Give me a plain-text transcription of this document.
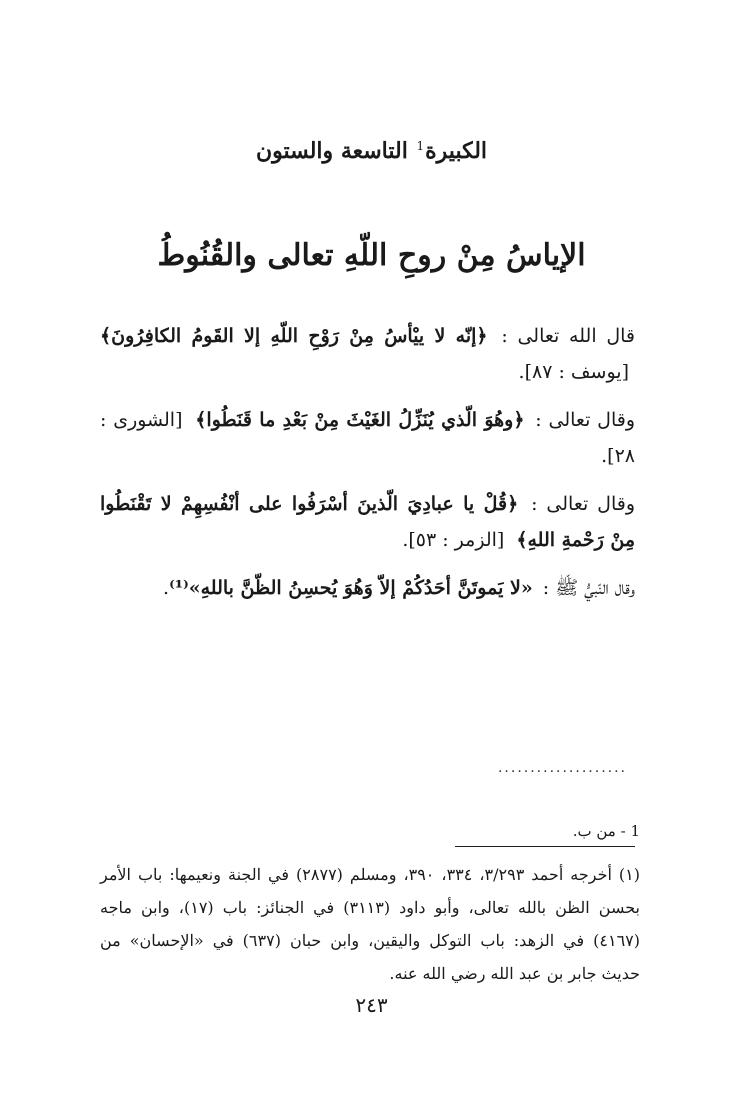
الكبيرة$^1$ التاسعة والستون
الإياسُ مِنْ روحِ اللّهِ تعالى والقُنُوطُ

قال الله تعالى : ﴿إنّه لا ييْأسُ مِنْ رَوْحِ اللّهِ إلا القَومُ الكافِرُونَ﴾ [يوسف : ٨٧].

وقال تعالى : ﴿وهُوَ الّذي يُنَزِّلُ الغَيْثَ مِنْ بَعْدِ ما قَنَطُوا﴾ [الشورى : ٢٨].

وقال تعالى : ﴿قُلْ يا عبادِيَ الّذينَ أسْرَفُوا على أنْفُسِهِمْ لا تَقْنَطُوا مِنْ رَحْمةِ اللهِ﴾ [الزمر : ٥٣].

وقال النّبيُّ ﷺ : «لا يَموتَنَّ أحَدُكُمْ إلاّ وَهُوَ يُحسِنُ الظّنَّ باللهِ»⁽¹⁾.

....................
1 - من ب.
(١) أخرجه أحمد ٣/٢٩٣، ٣٣٤، ٣٩٠، ومسلم (٢٨٧٧) في الجنة ونعيمها: باب الأمر بحسن الظن بالله تعالى، وأبو داود (٣١١٣) في الجنائز: باب (١٧)، وابن ماجه (٤١٦٧) في الزهد: باب التوكل واليقين، وابن حبان (٦٣٧) في «الإحسان» من حديث جابر بن عبد الله رضي الله عنه.
٢٤٣
